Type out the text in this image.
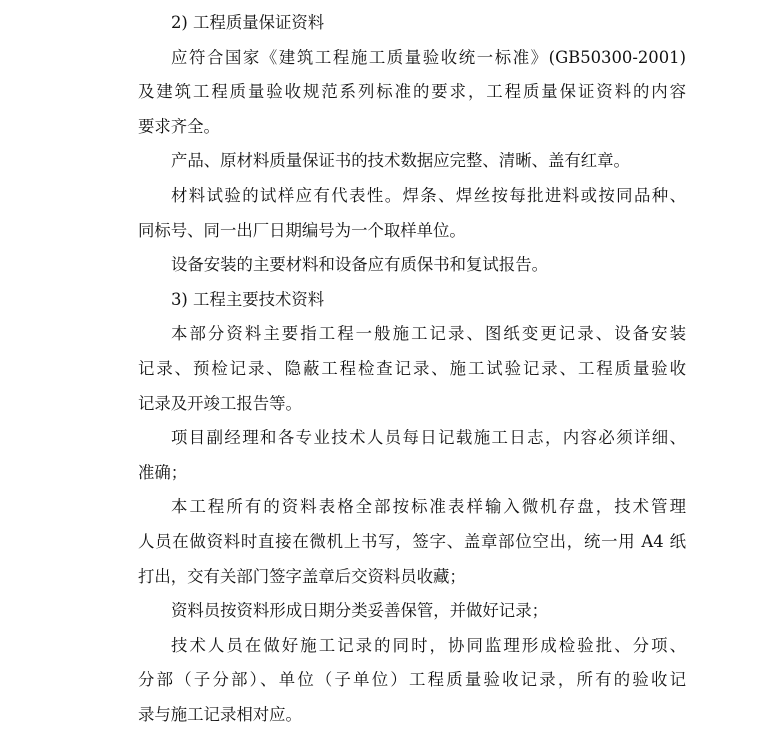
2) 工程质量保证资料
应符合国家《建筑工程施工质量验收统一标准》(GB50300-2001)
及建筑工程质量验收规范系列标准的要求，工程质量保证资料的内容
要求齐全。
产品、原材料质量保证书的技术数据应完整、清晰、盖有红章。
材料试验的试样应有代表性。焊条、焊丝按每批进料或按同品种、
同标号、同一出厂日期编号为一个取样单位。
设备安装的主要材料和设备应有质保书和复试报告。
3) 工程主要技术资料
本部分资料主要指工程一般施工记录、图纸变更记录、设备安装
记录、预检记录、隐蔽工程检查记录、施工试验记录、工程质量验收
记录及开竣工报告等。
项目副经理和各专业技术人员每日记载施工日志，内容必须详细、
准确；
本工程所有的资料表格全部按标准表样输入微机存盘，技术管理
人员在做资料时直接在微机上书写，签字、盖章部位空出，统一用 A4 纸
打出，交有关部门签字盖章后交资料员收藏；
资料员按资料形成日期分类妥善保管，并做好记录；
技术人员在做好施工记录的同时，协同监理形成检验批、分项、
分部（子分部）、单位（子单位）工程质量验收记录，所有的验收记
录与施工记录相对应。
